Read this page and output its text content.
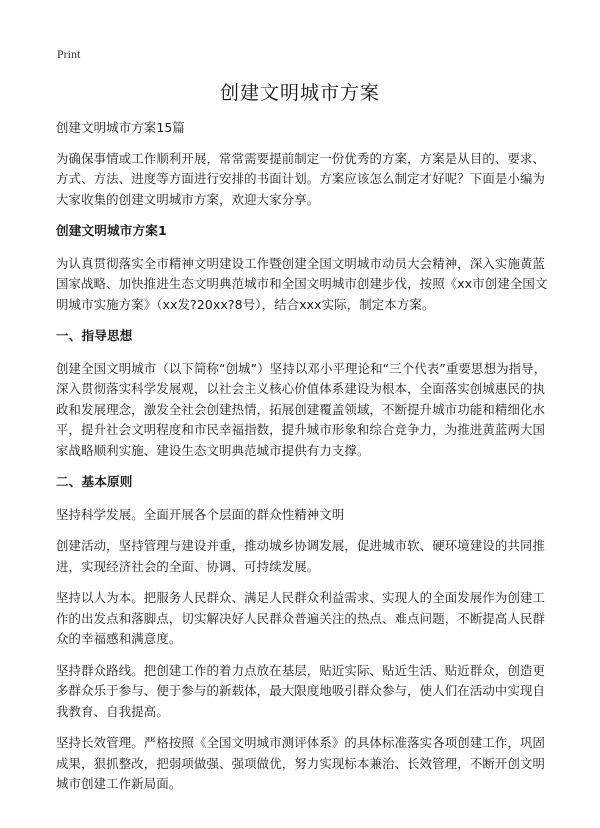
Print
创建文明城市方案

创建文明城市方案15篇

为确保事情或工作顺利开展，常常需要提前制定一份优秀的方案，方案是从目的、要求、方式、方法、进度等方面进行安排的书面计划。方案应该怎么制定才好呢？下面是小编为大家收集的创建文明城市方案，欢迎大家分享。

创建文明城市方案1

为认真贯彻落实全市精神文明建设工作暨创建全国文明城市动员大会精神，深入实施黄蓝国家战略、加快推进生态文明典范城市和全国文明城市创建步伐，按照《xx市创建全国文明城市实施方案》（xx发?20xx?8号），结合xxx实际，制定本方案。

一、指导思想

创建全国文明城市（以下简称“创城”）坚持以邓小平理论和“三个代表”重要思想为指导，深入贯彻落实科学发展观，以社会主义核心价值体系建设为根本，全面落实创城惠民的执政和发展理念，激发全社会创建热情，拓展创建覆盖领域，不断提升城市功能和精细化水平，提升社会文明程度和市民幸福指数，提升城市形象和综合竞争力，为推进黄蓝两大国家战略顺利实施、建设生态文明典范城市提供有力支撑。

二、基本原则

坚持科学发展。全面开展各个层面的群众性精神文明

创建活动，坚持管理与建设并重，推动城乡协调发展，促进城市软、硬环境建设的共同推进，实现经济社会的全面、协调、可持续发展。

坚持以人为本。把服务人民群众、满足人民群众利益需求、实现人的全面发展作为创建工作的出发点和落脚点，切实解决好人民群众普遍关注的热点、难点问题，不断提高人民群众的幸福感和满意度。

坚持群众路线。把创建工作的着力点放在基层，贴近实际、贴近生活、贴近群众，创造更多群众乐于参与、便于参与的新载体，最大限度地吸引群众参与，使人们在活动中实现自我教育、自我提高。

坚持长效管理。严格按照《全国文明城市测评体系》的具体标准落实各项创建工作，巩固成果，狠抓整改，把弱项做强、强项做优，努力实现标本兼治、长效管理，不断开创文明城市创建工作新局面。
